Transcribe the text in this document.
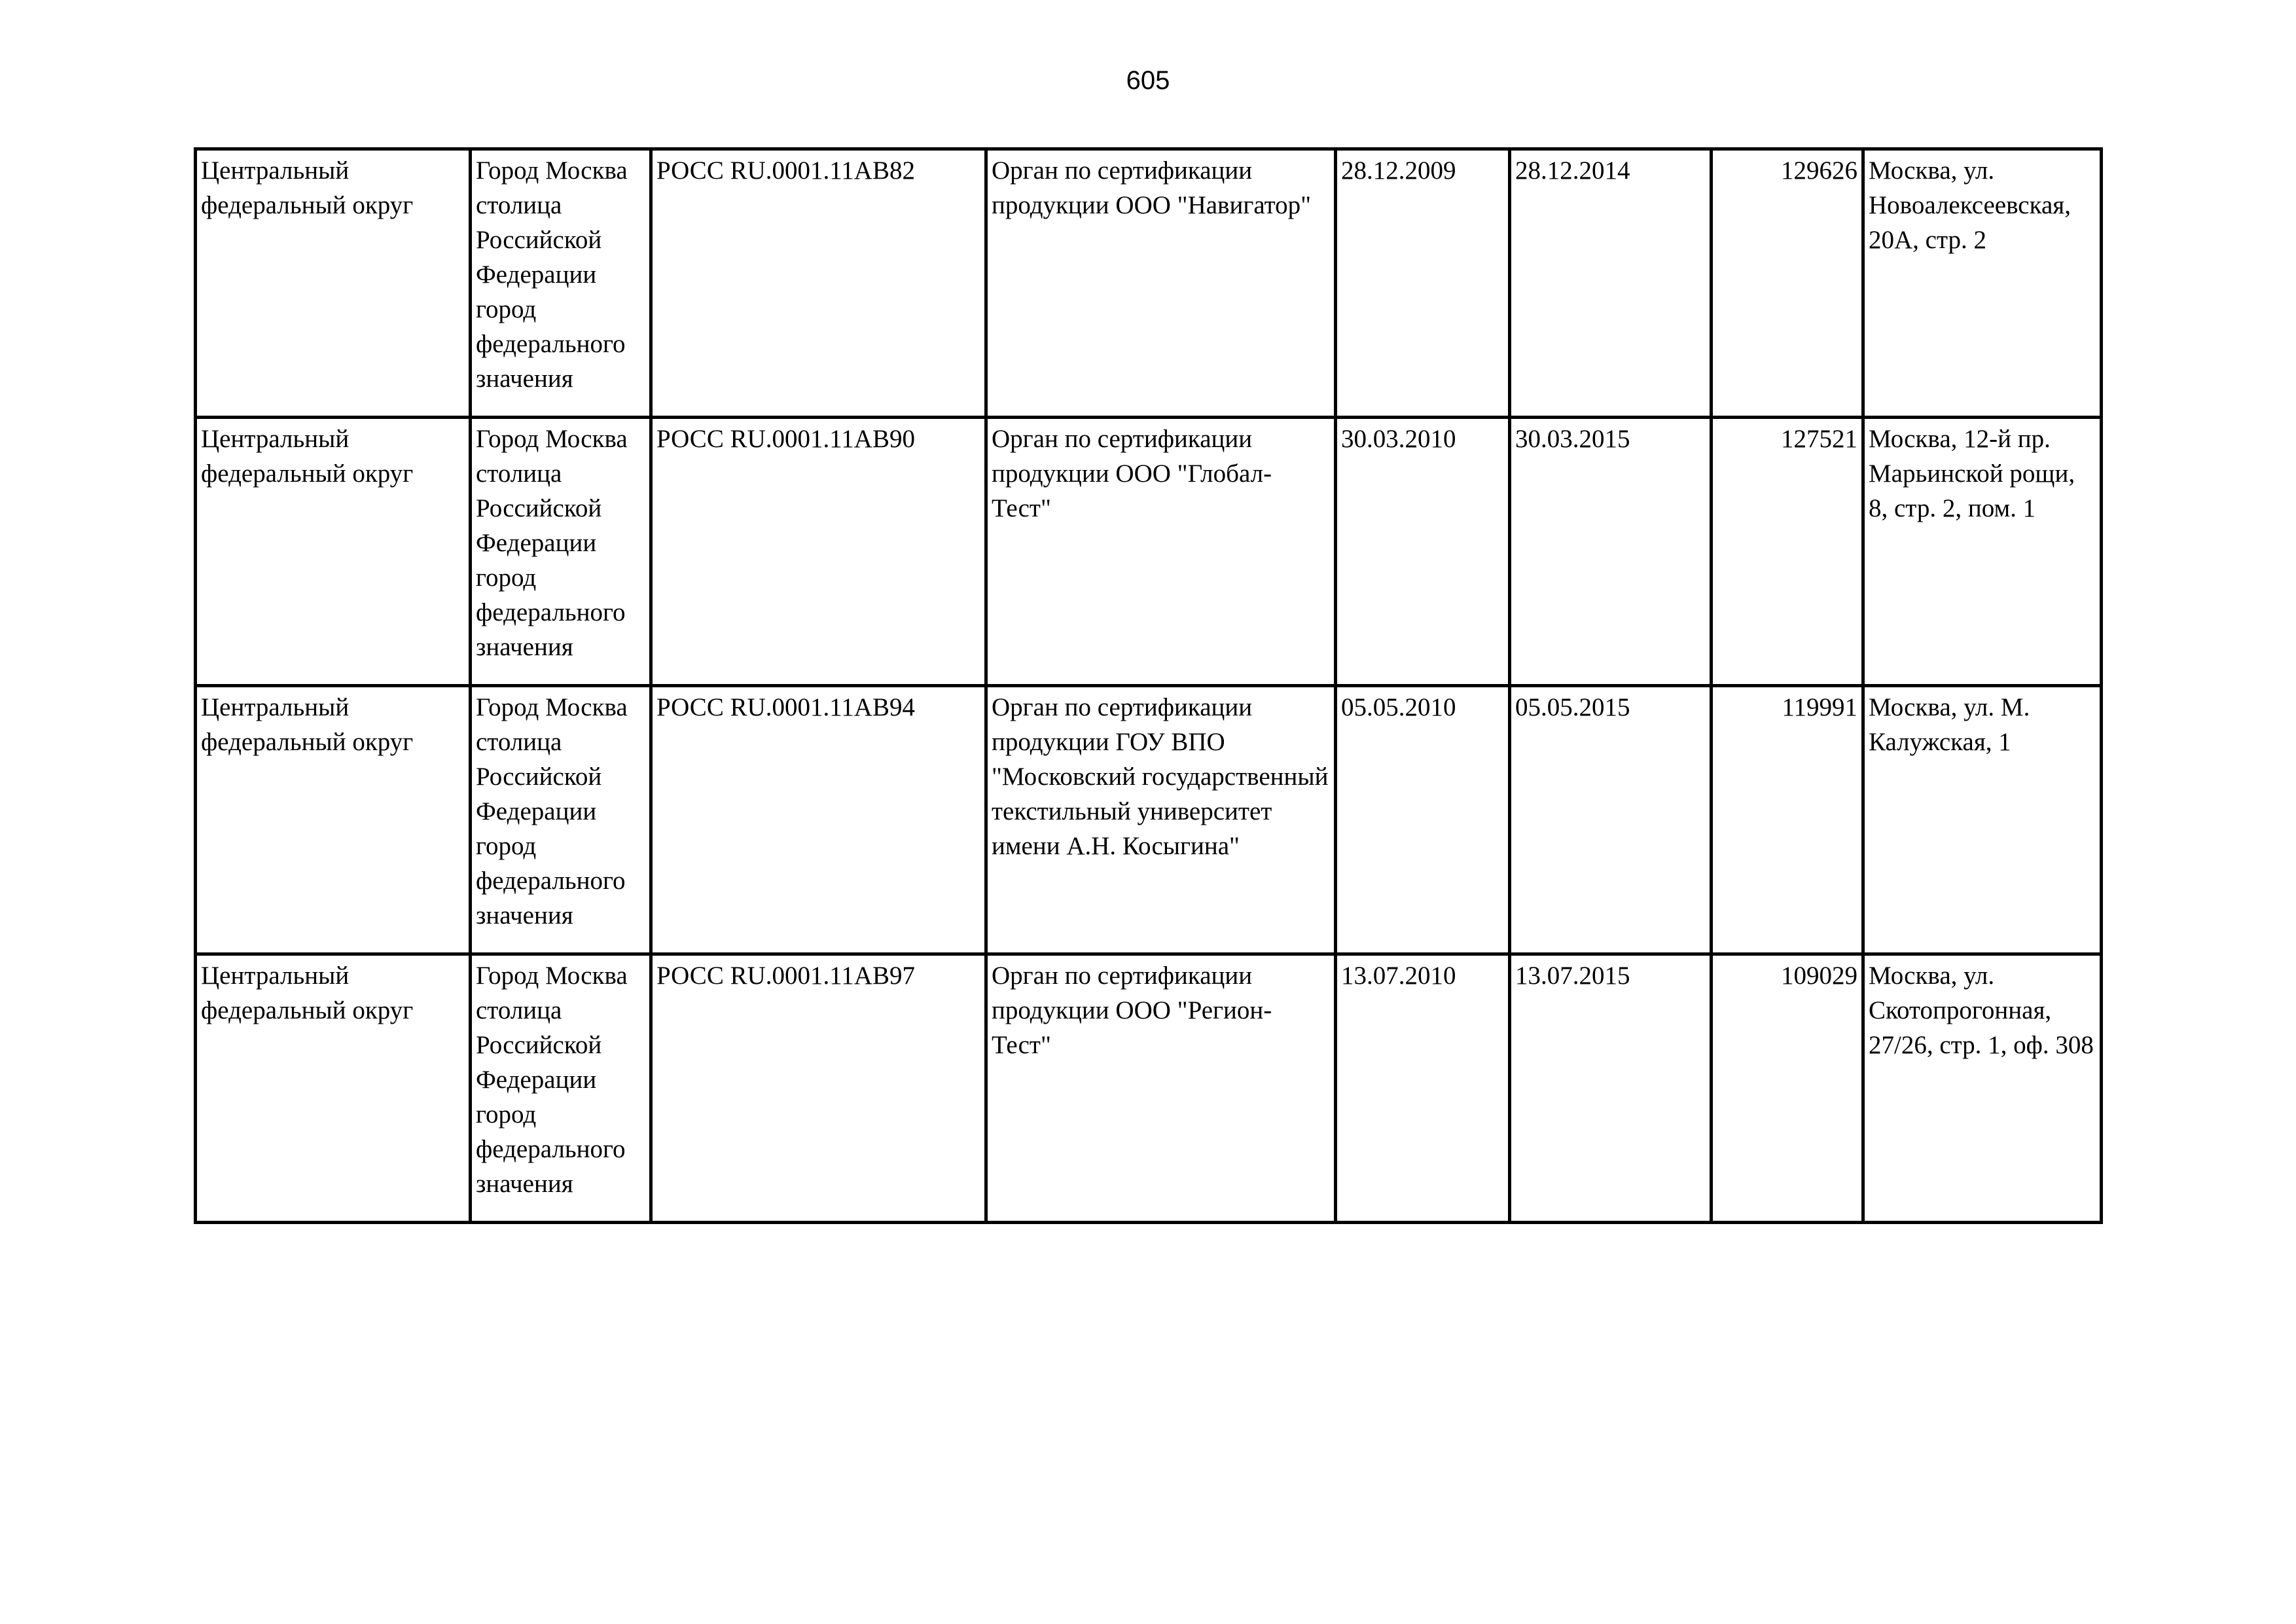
605
Центральный федеральный округ	Город Москва столица Российской Федерации город федерального значения	РОСС RU.0001.11АВ82	Орган по сертификации продукции ООО "Навигатор"	28.12.2009	28.12.2014	129626	Москва, ул. Новоалексеевская, 20А, стр. 2

Центральный федеральный округ	Город Москва столица Российской Федерации город федерального значения	РОСС RU.0001.11АВ90	Орган по сертификации продукции ООО "Глобал-Тест"	30.03.2010	30.03.2015	127521	Москва, 12-й пр. Марьинской рощи, 8, стр. 2, пом. 1

Центральный федеральный округ	Город Москва столица Российской Федерации город федерального значения	РОСС RU.0001.11АВ94	Орган по сертификации продукции ГОУ ВПО "Московский государственный текстильный университет имени А.Н. Косыгина"	05.05.2010	05.05.2015	119991	Москва, ул. М. Калужская, 1

Центральный федеральный округ	Город Москва столица Российской Федерации город федерального значения	РОСС RU.0001.11АВ97	Орган по сертификации продукции ООО "Регион-Тест"	13.07.2010	13.07.2015	109029	Москва, ул. Скотопрогонная, 27/26, стр. 1, оф. 308
